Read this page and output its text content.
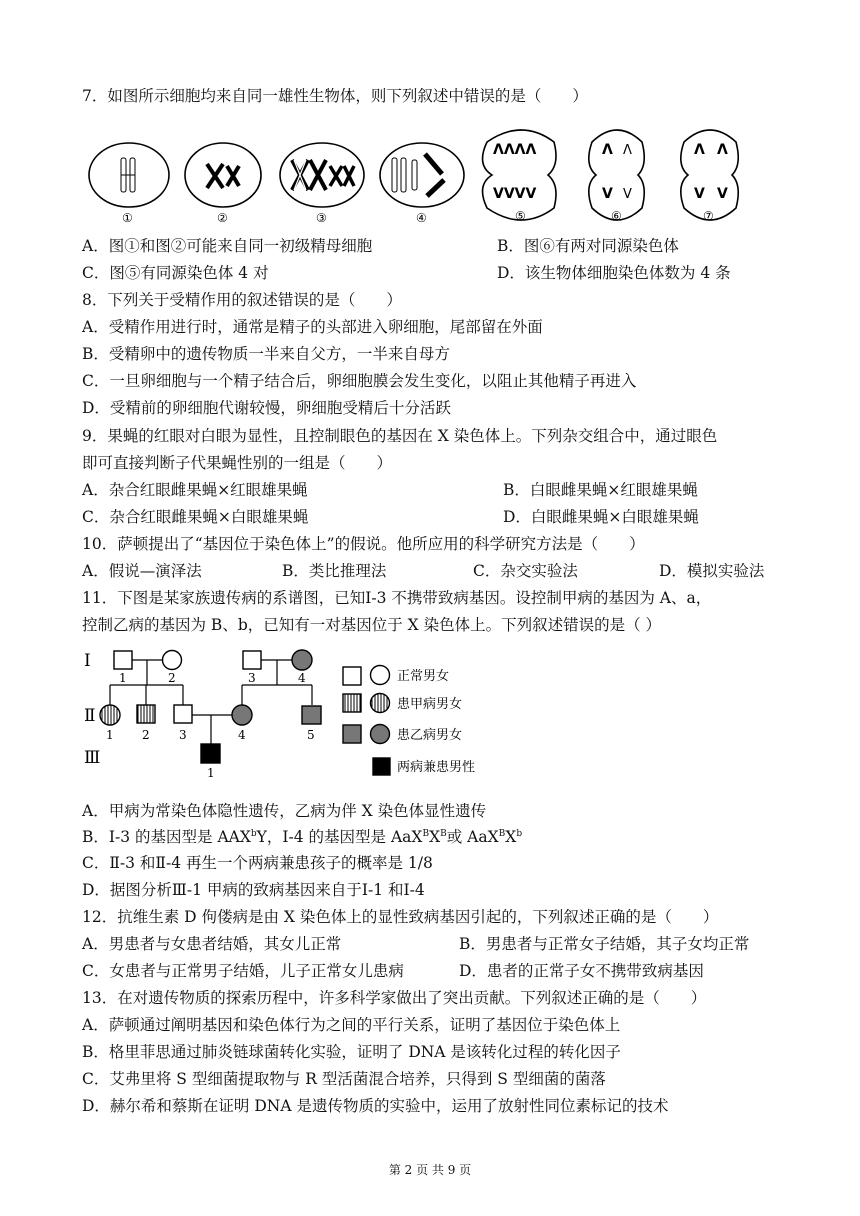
7．如图所示细胞均来自同一雄性生物体，则下列叙述中错误的是（　　）
ΛΛΛΛ
VVVV
Λ Λ
V V
Λ Λ
V V
①	②	③	④	⑤	⑥	⑦
A．图①和图②可能来自同一初级精母细胞	B．图⑥有两对同源染色体
C．图⑤有同源染色体 4 对	D．该生物体细胞染色体数为 4 条
8．下列关于受精作用的叙述错误的是（　　）
A．受精作用进行时，通常是精子的头部进入卵细胞，尾部留在外面
B．受精卵中的遗传物质一半来自父方，一半来自母方
C．一旦卵细胞与一个精子结合后，卵细胞膜会发生变化，以阻止其他精子再进入
D．受精前的卵细胞代谢较慢，卵细胞受精后十分活跃
9．果蝇的红眼对白眼为显性，且控制眼色的基因在 X 染色体上。下列杂交组合中，通过眼色
即可直接判断子代果蝇性别的一组是（　　）
A．杂合红眼雌果蝇×红眼雄果蝇	B．白眼雌果蝇×红眼雄果蝇
C．杂合红眼雌果蝇×白眼雄果蝇	D．白眼雌果蝇×白眼雄果蝇
10．萨顿提出了“基因位于染色体上”的假说。他所应用的科学研究方法是（　　）
A．假说—演泽法	B．类比推理法	C．杂交实验法	D．模拟实验法
11．下图是某家族遗传病的系谱图，已知Ⅰ-3 不携带致病基因。设控制甲病的基因为 A、a，
控制乙病的基因为 B、b，已知有一对基因位于 X 染色体上。下列叙述错误的是（ ）
Ⅰ
Ⅱ
Ⅲ
1	2	3	4
1 2 3	4	5
1
正常男女
患甲病男女
患乙病男女
两病兼患男性
A．甲病为常染色体隐性遗传，乙病为伴 X 染色体显性遗传
B．Ⅰ-3 的基因型是 AAX$^b$Y，Ⅰ-4 的基因型是 $AaX^BX^B$或 $AaX^BX^b$
C．Ⅱ-3 和Ⅱ-4 再生一个两病兼患孩子的概率是 1/8
D．据图分析Ⅲ-1 甲病的致病基因来自于Ⅰ-1 和Ⅰ-4
12．抗维生素 D 佝偻病是由 X 染色体上的显性致病基因引起的，下列叙述正确的是（　　）
A．男患者与女患者结婚，其女儿正常	B．男患者与正常女子结婚，其子女均正常
C．女患者与正常男子结婚，儿子正常女儿患病	D．患者的正常子女不携带致病基因
13．在对遗传物质的探索历程中，许多科学家做出了突出贡献。下列叙述正确的是（　　）
A．萨顿通过阐明基因和染色体行为之间的平行关系，证明了基因位于染色体上
B．格里菲思通过肺炎链球菌转化实验，证明了 DNA 是该转化过程的转化因子
C．艾弗里将 S 型细菌提取物与 R 型活菌混合培养，只得到 S 型细菌的菌落
D．赫尔希和蔡斯在证明 DNA 是遗传物质的实验中，运用了放射性同位素标记的技术
第 2 页 共 9 页
